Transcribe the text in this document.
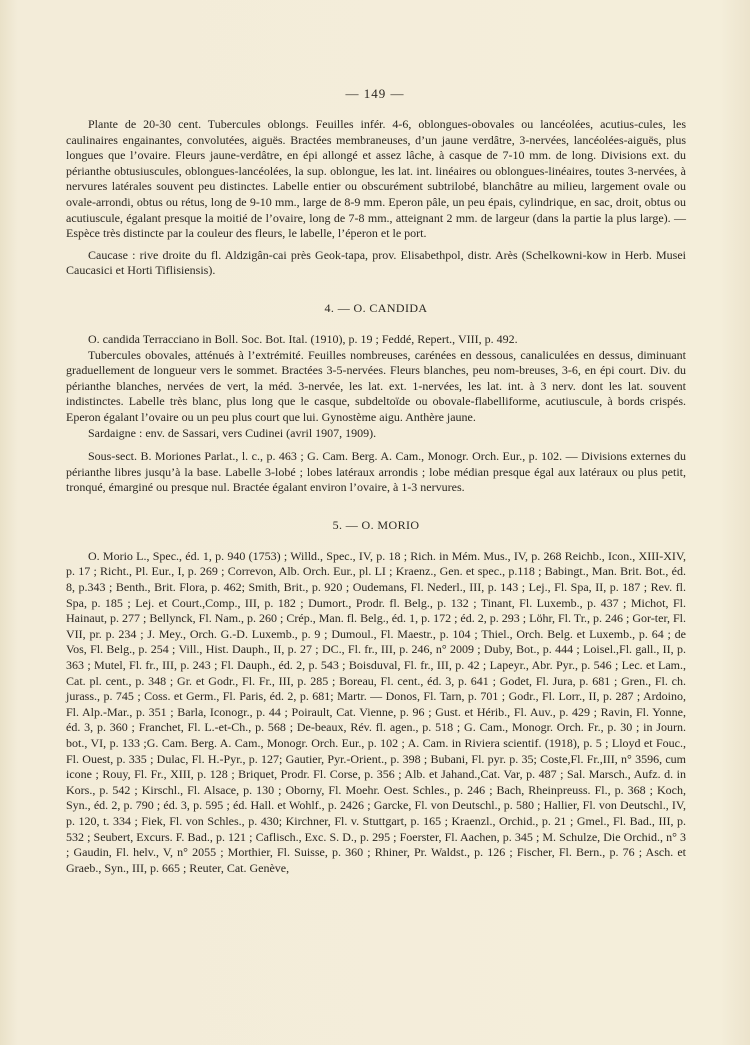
— 149 —

Plante de 20-30 cent. Tubercules oblongs. Feuilles infér. 4-6, oblongues-obovales ou lancéolées, acutius-cules, les caulinaires engainantes, convolutées, aiguës. Bractées membraneuses, d’un jaune verdâtre, 3-nervées, lancéolées-aiguës, plus longues que l’ovaire. Fleurs jaune-verdâtre, en épi allongé et assez lâche, à casque de 7-10 mm. de long. Divisions ext. du périanthe obtusiuscules, oblongues-lancéolées, la sup. oblongue, les lat. int. linéaires ou oblongues-linéaires, toutes 3-nervées, à nervures latérales souvent peu distinctes. Labelle entier ou obscurément subtrilobé, blanchâtre au milieu, largement ovale ou ovale-arrondi, obtus ou rétus, long de 9-10 mm., large de 8-9 mm. Eperon pâle, un peu épais, cylindrique, en sac, droit, obtus ou acutiuscule, égalant presque la moitié de l’ovaire, long de 7-8 mm., atteignant 2 mm. de largeur (dans la partie la plus large). — Espèce très distincte par la couleur des fleurs, le labelle, l’éperon et le port.

Caucase : rive droite du fl. Aldzigân-cai près Geok-tapa, prov. Elisabethpol, distr. Arès (Schelkowni-kow in Herb. Musei Caucasici et Horti Tiflisiensis).

4. — O. CANDIDA

O. candida Terracciano in Boll. Soc. Bot. Ital. (1910), p. 19 ; Feddé, Repert., VIII, p. 492.

Tubercules obovales, atténués à l’extrémité. Feuilles nombreuses, carénées en dessous, canaliculées en dessus, diminuant graduellement de longueur vers le sommet. Bractées 3-5-nervées. Fleurs blanches, peu nom-breuses, 3-6, en épi court. Div. du périanthe blanches, nervées de vert, la méd. 3-nervée, les lat. ext. 1-nervées, les lat. int. à 3 nerv. dont les lat. souvent indistinctes. Labelle très blanc, plus long que le casque, subdeltoïde ou obovale-flabelliforme, acutiuscule, à bords crispés. Eperon égalant l’ovaire ou un peu plus court que lui. Gynostème aigu. Anthère jaune.

Sardaigne : env. de Sassari, vers Cudinei (avril 1907, 1909).

Sous-sect. B. Moriones Parlat., l. c., p. 463 ; G. Cam. Berg. A. Cam., Monogr. Orch. Eur., p. 102. — Divisions externes du périanthe libres jusqu’à la base. Labelle 3-lobé ; lobes latéraux arrondis ; lobe médian presque égal aux latéraux ou plus petit, tronqué, émarginé ou presque nul. Bractée égalant environ l’ovaire, à 1-3 nervures.

5. — O. MORIO

O. Morio L., Spec., éd. 1, p. 940 (1753) ; Willd., Spec., IV, p. 18 ; Rich. in Mém. Mus., IV, p. 268 Reichb., Icon., XIII-XIV, p. 17 ; Richt., Pl. Eur., I, p. 269 ; Correvon, Alb. Orch. Eur., pl. LI ; Kraenz., Gen. et spec., p.118 ; Babingt., Man. Brit. Bot., éd. 8, p.343 ; Benth., Brit. Flora, p. 462; Smith, Brit., p. 920 ; Oudemans, Fl. Nederl., III, p. 143 ; Lej., Fl. Spa, II, p. 187 ; Rev. fl. Spa, p. 185 ; Lej. et Court.,Comp., III, p. 182 ; Dumort., Prodr. fl. Belg., p. 132 ; Tinant, Fl. Luxemb., p. 437 ; Michot, Fl. Hainaut, p. 277 ; Bellynck, Fl. Nam., p. 260 ; Crép., Man. fl. Belg., éd. 1, p. 172 ; éd. 2, p. 293 ; Löhr, Fl. Tr., p. 246 ; Gor-ter, Fl. VII, pr. p. 234 ; J. Mey., Orch. G.-D. Luxemb., p. 9 ; Dumoul., Fl. Maestr., p. 104 ; Thiel., Orch. Belg. et Luxemb., p. 64 ; de Vos, Fl. Belg., p. 254 ; Vill., Hist. Dauph., II, p. 27 ; DC., Fl. fr., III, p. 246, n° 2009 ; Duby, Bot., p. 444 ; Loisel.,Fl. gall., II, p. 363 ; Mutel, Fl. fr., III, p. 243 ; Fl. Dauph., éd. 2, p. 543 ; Boisduval, Fl. fr., III, p. 42 ; Lapeyr., Abr. Pyr., p. 546 ; Lec. et Lam., Cat. pl. cent., p. 348 ; Gr. et Godr., Fl. Fr., III, p. 285 ; Boreau, Fl. cent., éd. 3, p. 641 ; Godet, Fl. Jura, p. 681 ; Gren., Fl. ch. jurass., p. 745 ; Coss. et Germ., Fl. Paris, éd. 2, p. 681; Martr. — Donos, Fl. Tarn, p. 701 ; Godr., Fl. Lorr., II, p. 287 ; Ardoino, Fl. Alp.-Mar., p. 351 ; Barla, Iconogr., p. 44 ; Poirault, Cat. Vienne, p. 96 ; Gust. et Hérib., Fl. Auv., p. 429 ; Ravin, Fl. Yonne, éd. 3, p. 360 ; Franchet, Fl. L.-et-Ch., p. 568 ; De-beaux, Rév. fl. agen., p. 518 ; G. Cam., Monogr. Orch. Fr., p. 30 ; in Journ. bot., VI, p. 133 ;G. Cam. Berg. A. Cam., Monogr. Orch. Eur., p. 102 ; A. Cam. in Riviera scientif. (1918), p. 5 ; Lloyd et Fouc., Fl. Ouest, p. 335 ; Dulac, Fl. H.-Pyr., p. 127; Gautier, Pyr.-Orient., p. 398 ; Bubani, Fl. pyr. p. 35; Coste,Fl. Fr.,III, n° 3596, cum icone ; Rouy, Fl. Fr., XIII, p. 128 ; Briquet, Prodr. Fl. Corse, p. 356 ; Alb. et Jahand.,Cat. Var, p. 487 ; Sal. Marsch., Aufz. d. in Kors., p. 542 ; Kirschl., Fl. Alsace, p. 130 ; Oborny, Fl. Moehr. Oest. Schles., p. 246 ; Bach, Rheinpreuss. Fl., p. 368 ; Koch, Syn., éd. 2, p. 790 ; éd. 3, p. 595 ; éd. Hall. et Wohlf., p. 2426 ; Garcke, Fl. von Deutschl., p. 580 ; Hallier, Fl. von Deutschl., IV, p. 120, t. 334 ; Fiek, Fl. von Schles., p. 430; Kirchner, Fl. v. Stuttgart, p. 165 ; Kraenzl., Orchid., p. 21 ; Gmel., Fl. Bad., III, p. 532 ; Seubert, Excurs. F. Bad., p. 121 ; Caflisch., Exc. S. D., p. 295 ; Foerster, Fl. Aachen, p. 345 ; M. Schulze, Die Orchid., n° 3 ; Gaudin, Fl. helv., V, n° 2055 ; Morthier, Fl. Suisse, p. 360 ; Rhiner, Pr. Waldst., p. 126 ; Fischer, Fl. Bern., p. 76 ; Asch. et Graeb., Syn., III, p. 665 ; Reuter, Cat. Genève,
